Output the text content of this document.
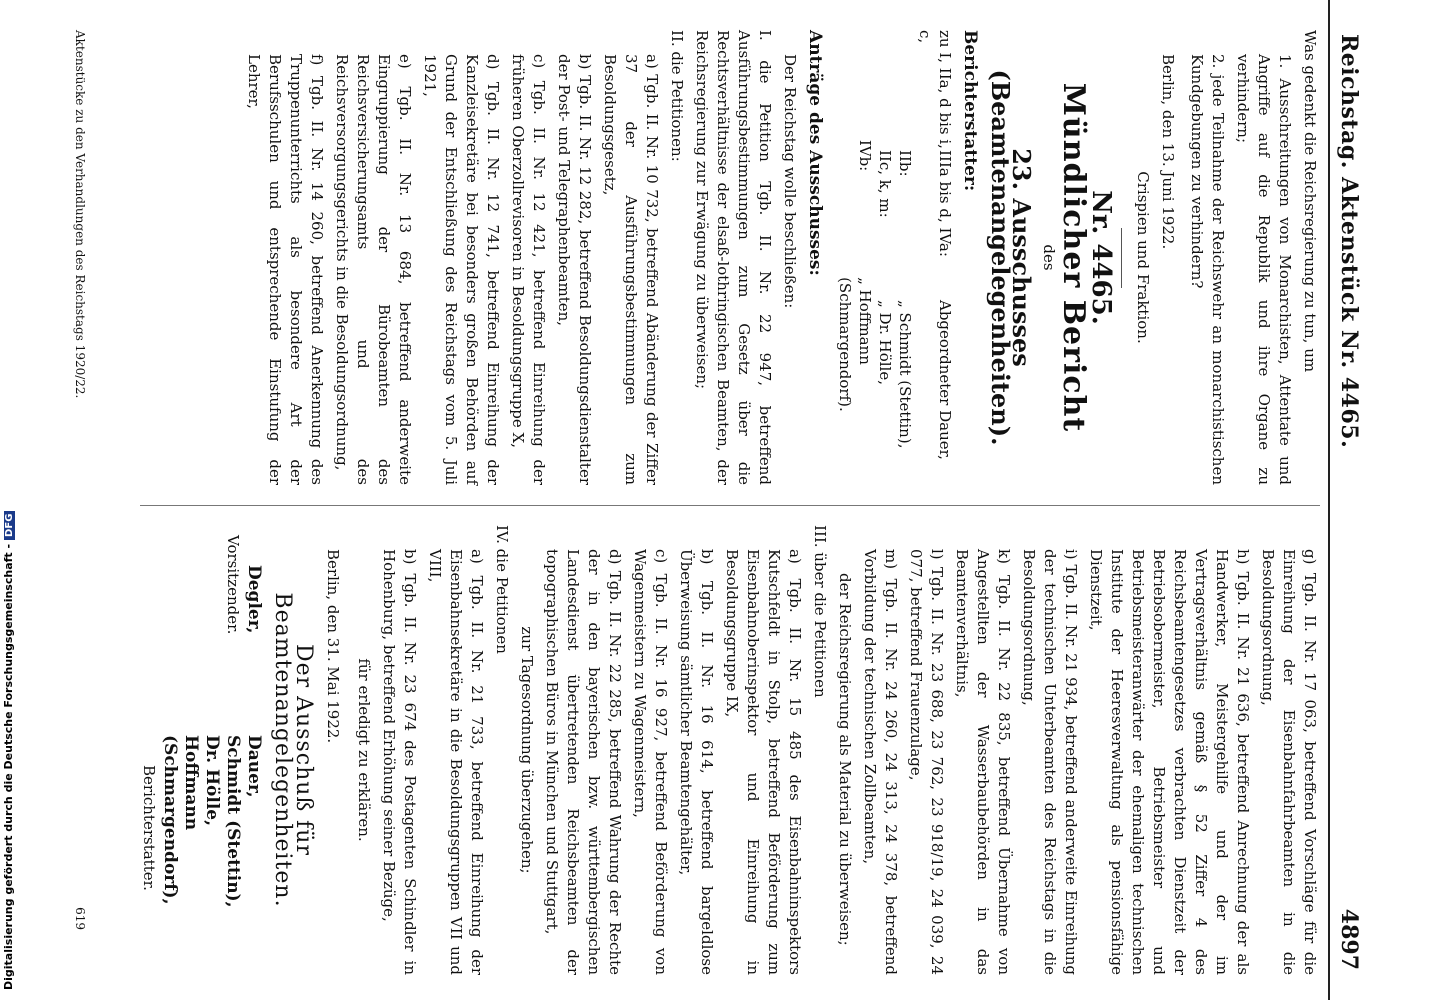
Reichstag. Aktenstück Nr. 4465.
4897

Was gedenkt die Reichsregierung zu tun, um

1. Ausschreitungen von Monarchisten, Attentate und Angriffe auf die Republik und ihre Organe zu verhindern;

2. jede Teilnahme der Reichswehr an monarchistischen Kundgebungen zu verhindern?

Berlin, den 13. Juni 1922.

Crispien und Fraktion.

Nr. 4465.
Mündlicher Bericht

des

23. Ausschusses (Beamtenangelegenheiten).
Berichterstatter:
zu I, IIa, d bis i, c,
IIIa bis d, IVa:
Abgeordneter Dauer,
IIb:
„ Schmidt (Stettin),
IIc, k, m:
„ Dr. Hölle,
IVb:
„ Hoffmann (Schmargendorf).
Anträge des Ausschusses:

Der Reichstag wolle beschließen:

I. die Petition Tgb. II. Nr. 22 947, betreffend Ausführungsbestimmungen zum Gesetz über die Rechtsverhältnisse der elsaß-lothringischen Beamten, der Reichsregierung zur Erwägung zu überweisen;

II. die Petitionen:

a) Tgb. II. Nr. 10 732, betreffend Abänderung der Ziffer 37 der Ausführungsbestimmungen zum Besoldungsgesetz,

b) Tgb. II. Nr. 12 282, betreffend Besoldungsdienstalter der Post- und Telegraphenbeamten,

c) Tgb. II. Nr. 12 421, betreffend Einreihung der früheren Oberzollrevisoren in Besoldungsgruppe X,

d) Tgb. II. Nr. 12 741, betreffend Einreihung der Kanzleisekretäre bei besonders großen Behörden auf Grund der Entschließung des Reichstags vom 5. Juli 1921,

e) Tgb. II. Nr. 13 684, betreffend anderweite Eingruppierung der Bürobeamten des Reichsversicherungsamts und des Reichsversorgungsgerichts in die Besoldungsordnung,

f) Tgb. II. Nr. 14 260, betreffend Anerkennung des Truppenunterrichts als besondere Art der Berufsschulen und entsprechende Einstufung der Lehrer,

g) Tgb. II. Nr. 17 063, betreffend Vorschläge für die Einreihung der Eisenbahnfahrbeamten in die Besoldungsordnung,

h) Tgb. II. Nr. 21 636, betreffend Anrechnung der als Handwerker, Meistergehilfe und der im Vertragsverhältnis gemäß § 52 Ziffer 4 des Reichsbeamtengesetzes verbrachten Dienstzeit der Betriebsobermeister, Betriebsmeister und Betriebsmeisteranwärter der ehemaligen technischen Institute der Heeresverwaltung als pensionsfähige Dienstzeit,

i) Tgb. II. Nr. 21 934, betreffend anderweite Einreihung der technischen Unterbeamten des Reichstags in die Besoldungsordnung,

k) Tgb. II. Nr. 22 835, betreffend Übernahme von Angestellten der Wasserbaubehörden in das Beamtenverhältnis,

l) Tgb. II. Nr. 23 688, 23 762, 23 918/19, 24 039, 24 077, betreffend Frauenzulage,

m) Tgb. II. Nr. 24 260, 24 313, 24 378, betreffend Vorbildung der technischen Zollbeamten,

der Reichsregierung als Material zu überweisen;

III. über die Petitionen

a) Tgb. II. Nr. 15 485 des Eisenbahninspektors Kutschfeldt in Stolp, betreffend Beförderung zum Eisenbahnoberinspektor und Einreihung in Besoldungsgruppe IX,

b) Tgb. II. Nr. 16 614, betreffend bargeldlose Überweisung sämtlicher Beamtengehälter,

c) Tgb. II. Nr. 16 927, betreffend Beförderung von Wagenmeistern zu Wagenmeistern,

d) Tgb. II. Nr. 22 285, betreffend Wahrung der Rechte der in den bayerischen bzw. württembergischen Landesdienst übertretenden Reichsbeamten der topographischen Büros in München und Stuttgart,

zur Tagesordnung überzugehen;

IV. die Petitionen

a) Tgb. II. Nr. 21 733, betreffend Einreihung der Eisenbahnsekretäre in die Besoldungsgruppen VII und VIII,

b) Tgb. II. Nr. 23 674 des Postagenten Schindler in Hohenburg, betreffend Erhöhung seiner Bezüge,

für erledigt zu erklären.

Berlin, den 31. Mai 1922.

Der Ausschuß für Beamtenangelegenheiten.
Degler,
Vorsitzender.
Dauer,
Schmidt (Stettin),
Dr. Hölle,
Hoffmann (Schmargendorf),
Berichterstatter.
Aktenstücke zu den Verhandlungen des Reichstags 1920/22.
619
Digitalisierung gefördert durch die Deutsche Forschungsgemeinschaft -DFG
